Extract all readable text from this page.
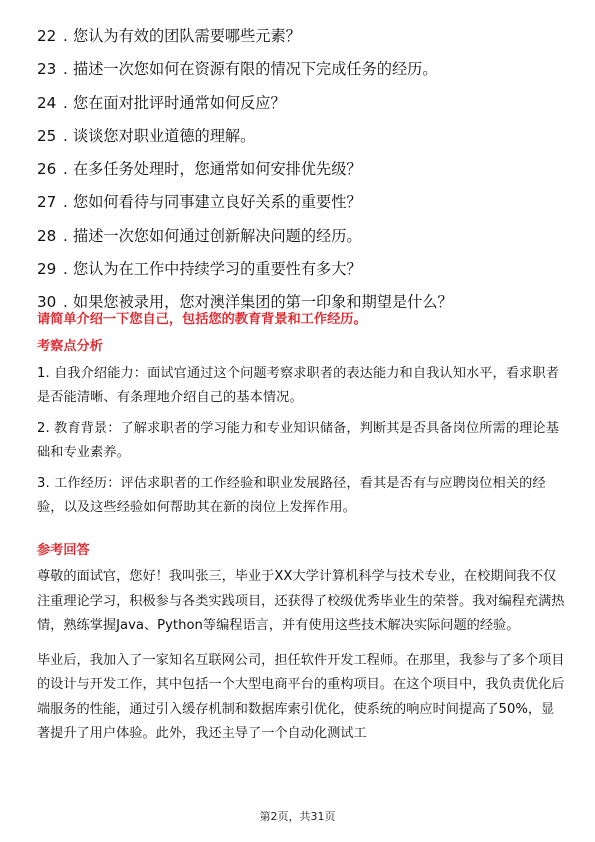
22 . 您认为有效的团队需要哪些元素？
23 . 描述一次您如何在资源有限的情况下完成任务的经历。
24 . 您在面对批评时通常如何反应？
25 . 谈谈您对职业道德的理解。
26 . 在多任务处理时，您通常如何安排优先级？
27 . 您如何看待与同事建立良好关系的重要性？
28 . 描述一次您如何通过创新解决问题的经历。
29 . 您认为在工作中持续学习的重要性有多大？
30 . 如果您被录用，您对澳洋集团的第一印象和期望是什么？
请简单介绍一下您自己，包括您的教育背景和工作经历。
考察点分析

1. 自我介绍能力：面试官通过这个问题考察求职者的表达能力和自我认知水平，看求职者是否能清晰、有条理地介绍自己的基本情况。

2. 教育背景：了解求职者的学习能力和专业知识储备，判断其是否具备岗位所需的理论基础和专业素养。

3. 工作经历：评估求职者的工作经验和职业发展路径，看其是否有与应聘岗位相关的经验，以及这些经验如何帮助其在新的岗位上发挥作用。

参考回答

尊敬的面试官，您好！我叫张三，毕业于XX大学计算机科学与技术专业，在校期间我不仅注重理论学习，积极参与各类实践项目，还获得了校级优秀毕业生的荣誉。我对编程充满热情，熟练掌握Java、Python等编程语言，并有使用这些技术解决实际问题的经验。

毕业后，我加入了一家知名互联网公司，担任软件开发工程师。在那里，我参与了多个项目的设计与开发工作，其中包括一个大型电商平台的重构项目。在这个项目中，我负责优化后端服务的性能，通过引入缓存机制和数据库索引优化，使系统的响应时间提高了50%，显著提升了用户体验。此外，我还主导了一个自动化测试工

第2页，共31页
